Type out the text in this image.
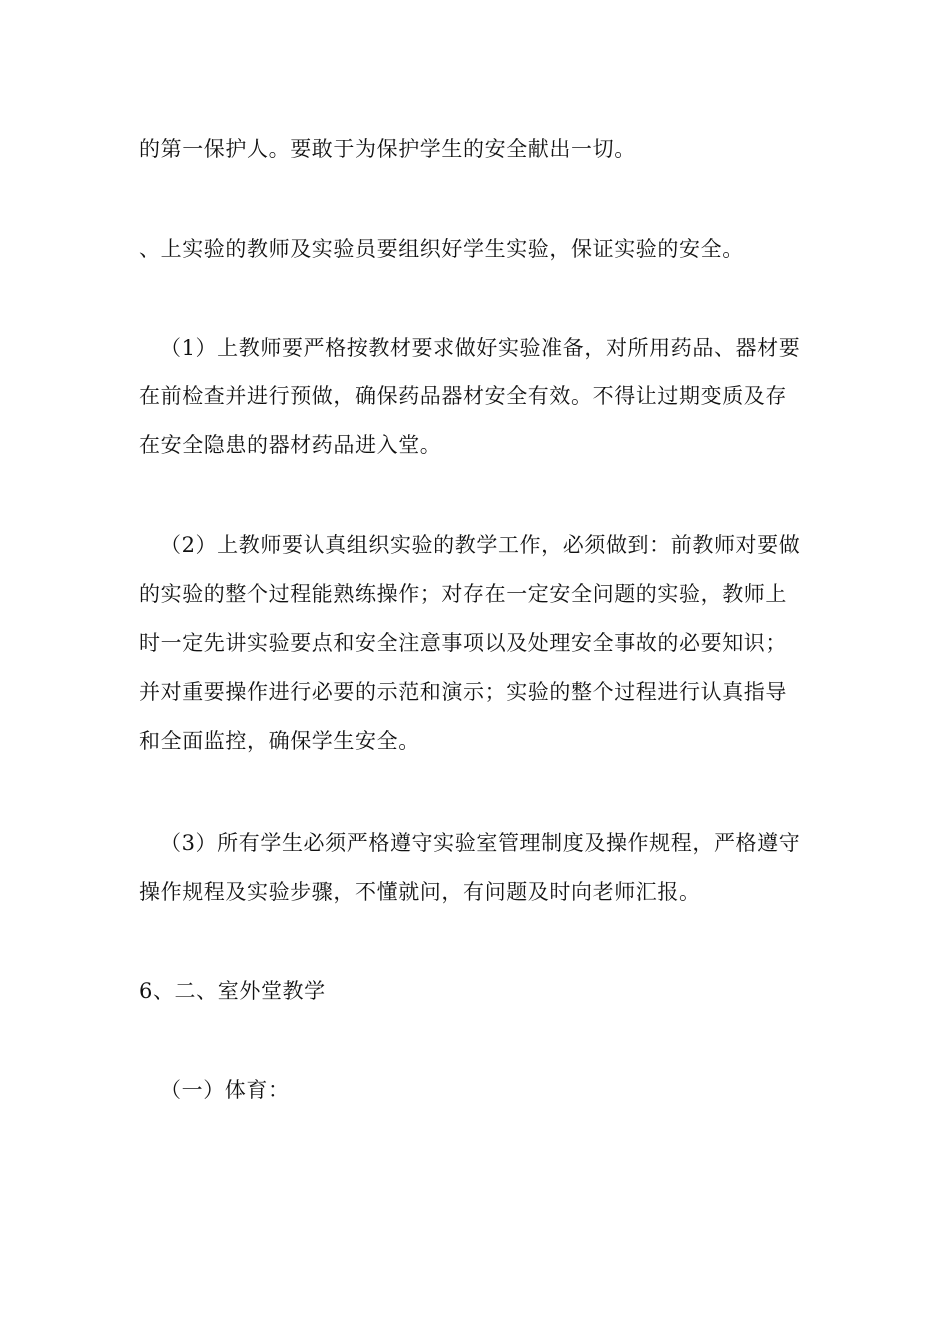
的第一保护人。要敢于为保护学生的安全献出一切。

、上实验的教师及实验员要组织好学生实验，保证实验的安全。

（1）上教师要严格按教材要求做好实验准备，对所用药品、器材要

在前检查并进行预做，确保药品器材安全有效。不得让过期变质及存

在安全隐患的器材药品进入堂。

（2）上教师要认真组织实验的教学工作，必须做到：前教师对要做

的实验的整个过程能熟练操作；对存在一定安全问题的实验，教师上

时一定先讲实验要点和安全注意事项以及处理安全事故的必要知识；

并对重要操作进行必要的示范和演示；实验的整个过程进行认真指导

和全面监控，确保学生安全。

（3）所有学生必须严格遵守实验室管理制度及操作规程，严格遵守

操作规程及实验步骤，不懂就问，有问题及时向老师汇报。

6、二、室外堂教学

（一）体育：
